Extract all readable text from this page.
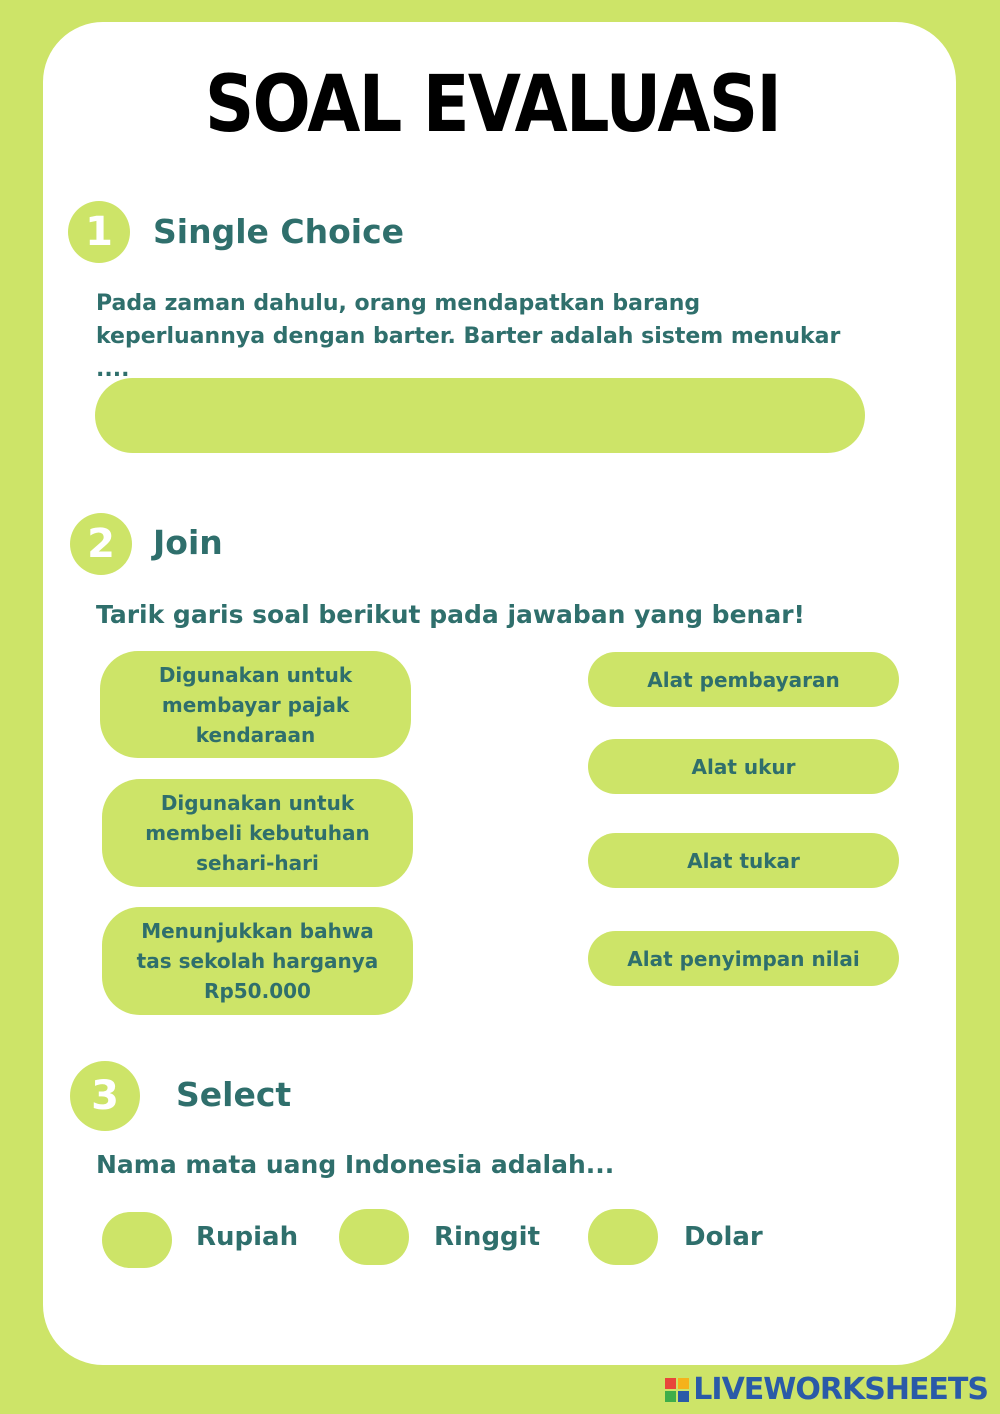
SOAL EVALUASI
1	Single Choice

Pada zaman dahulu, orang mendapatkan barang keperluannya dengan barter. Barter adalah sistem menukar ....

2	Join

Tarik garis soal berikut pada jawaban yang benar!

Digunakan untuk membayar pajak kendaraan
Digunakan untuk membeli kebutuhan sehari-hari
Menunjukkan bahwa tas sekolah harganya Rp50.000
Alat pembayaran
Alat ukur
Alat tukar
Alat penyimpan nilai
3	Select

Nama mata uang Indonesia adalah...

Rupiah	Ringgit	Dolar
LIVEWORKSHEETS
